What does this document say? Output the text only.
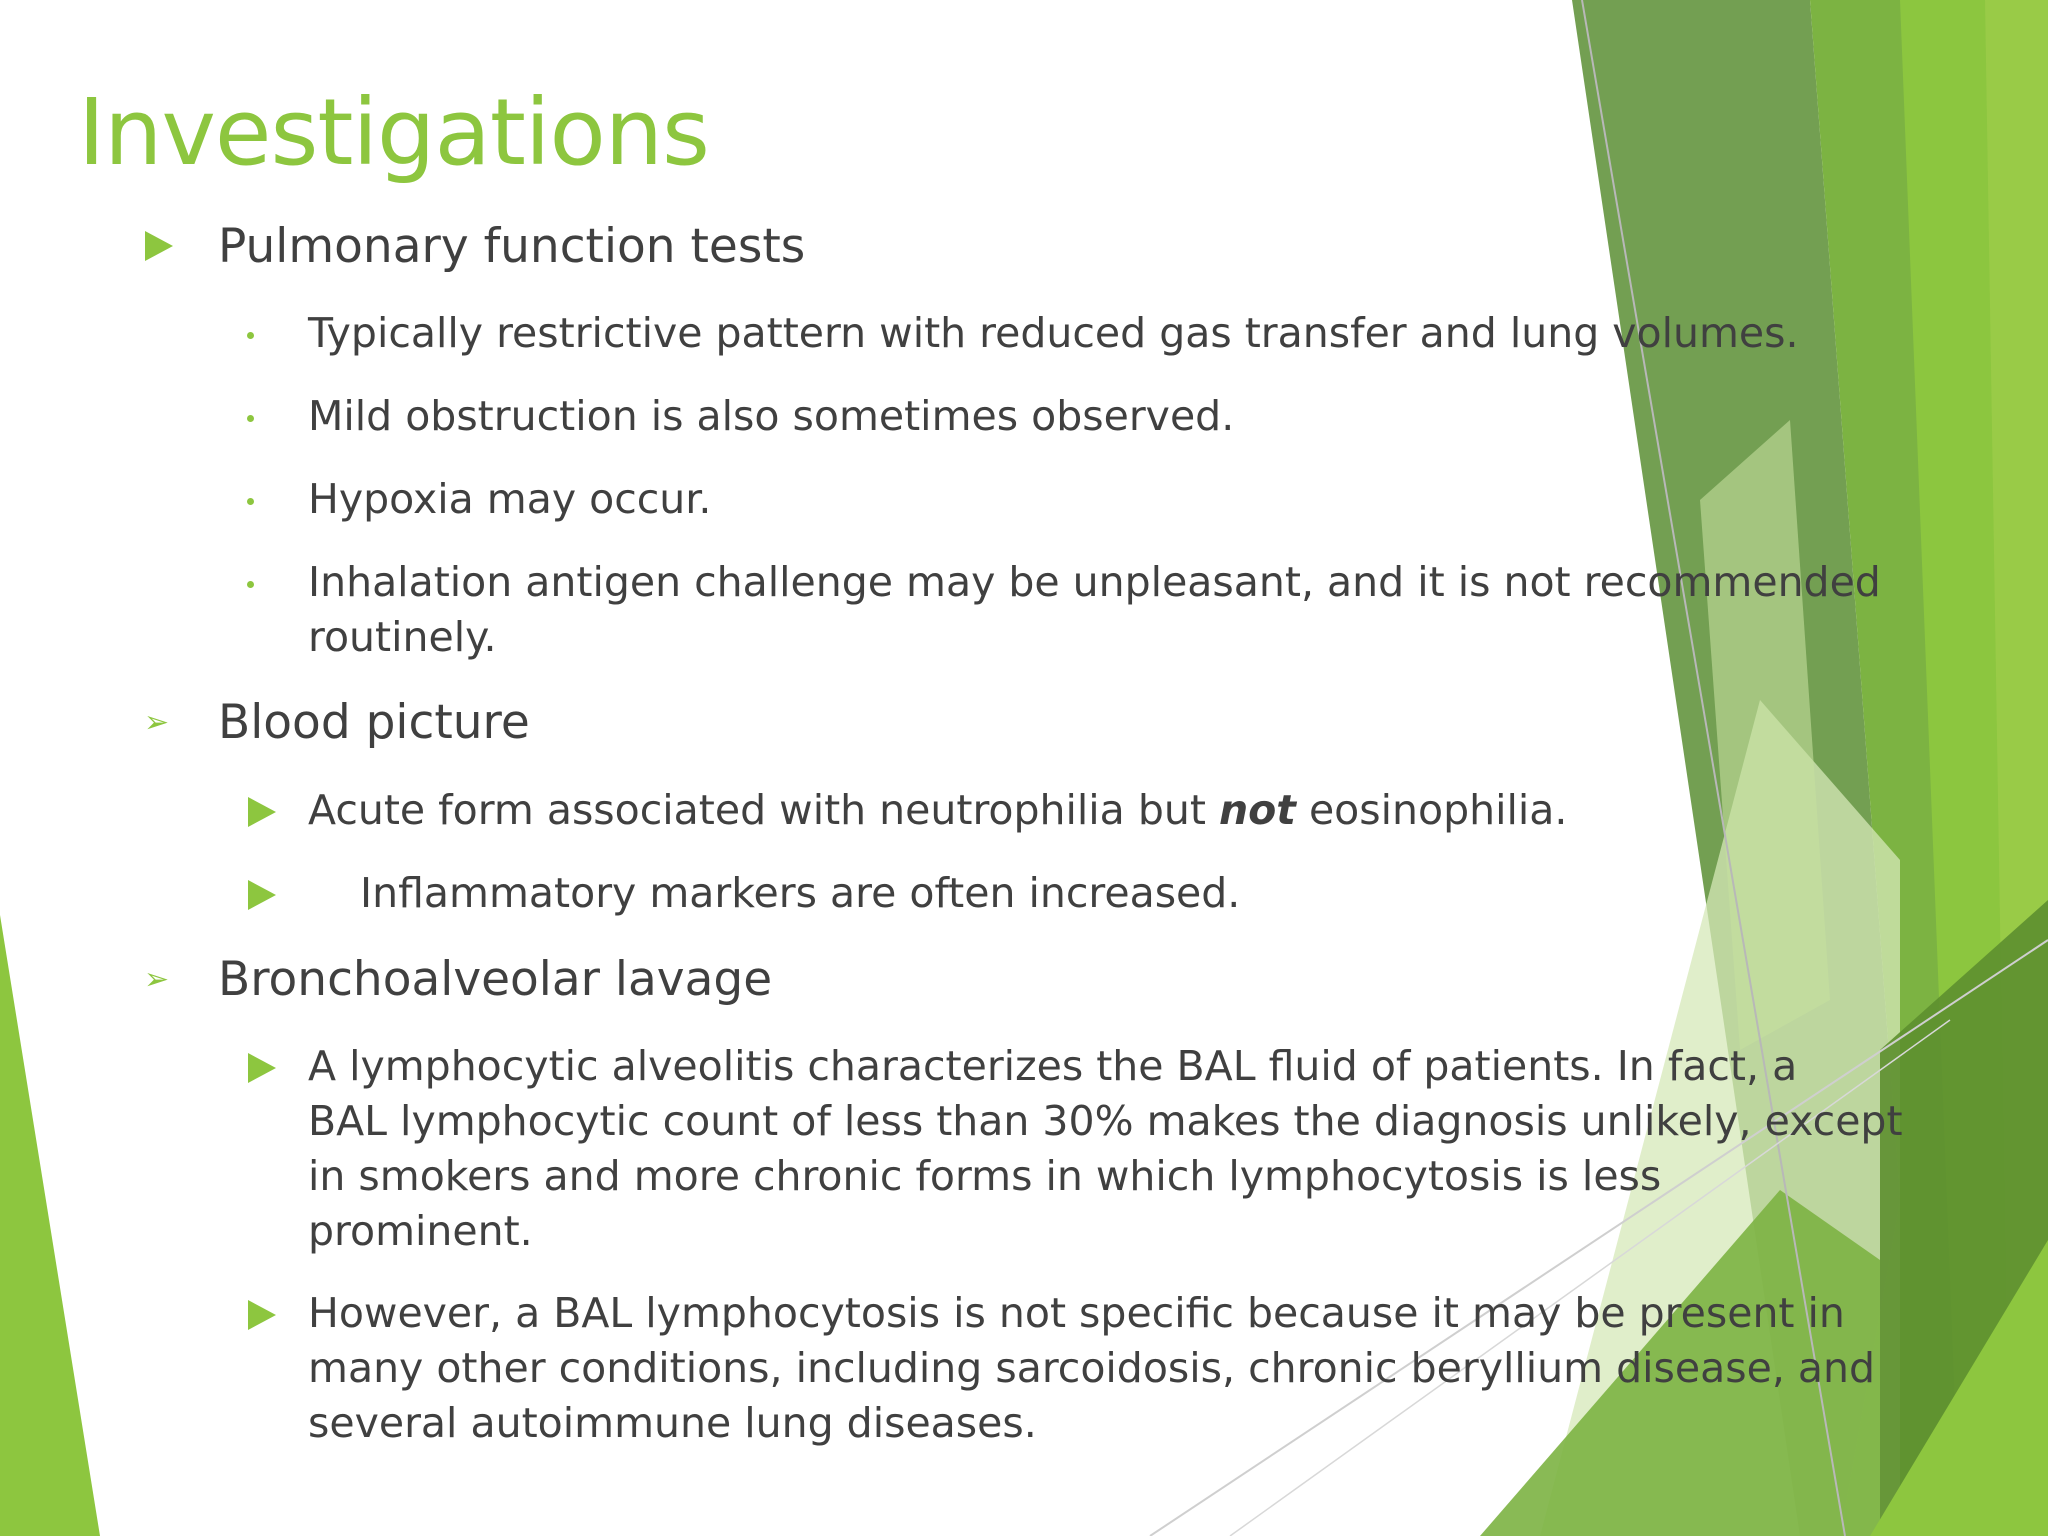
Investigations
Pulmonary function tests
Typically restrictive pattern with reduced gas transfer and lung volumes.
Mild obstruction is also sometimes observed.
Hypoxia may occur.
Inhalation antigen challenge may be unpleasant, and it is not recommended
routinely.
➢ Blood picture
Acute form associated with neutrophilia but not eosinophilia.
Inflammatory markers are often increased.
➢ Bronchoalveolar lavage
A lymphocytic alveolitis characterizes the BAL fluid of patients. In fact, a
BAL lymphocytic count of less than 30% makes the diagnosis unlikely, except
in smokers and more chronic forms in which lymphocytosis is less
prominent.
However, a BAL lymphocytosis is not specific because it may be present in
many other conditions, including sarcoidosis, chronic beryllium disease, and
several autoimmune lung diseases.
